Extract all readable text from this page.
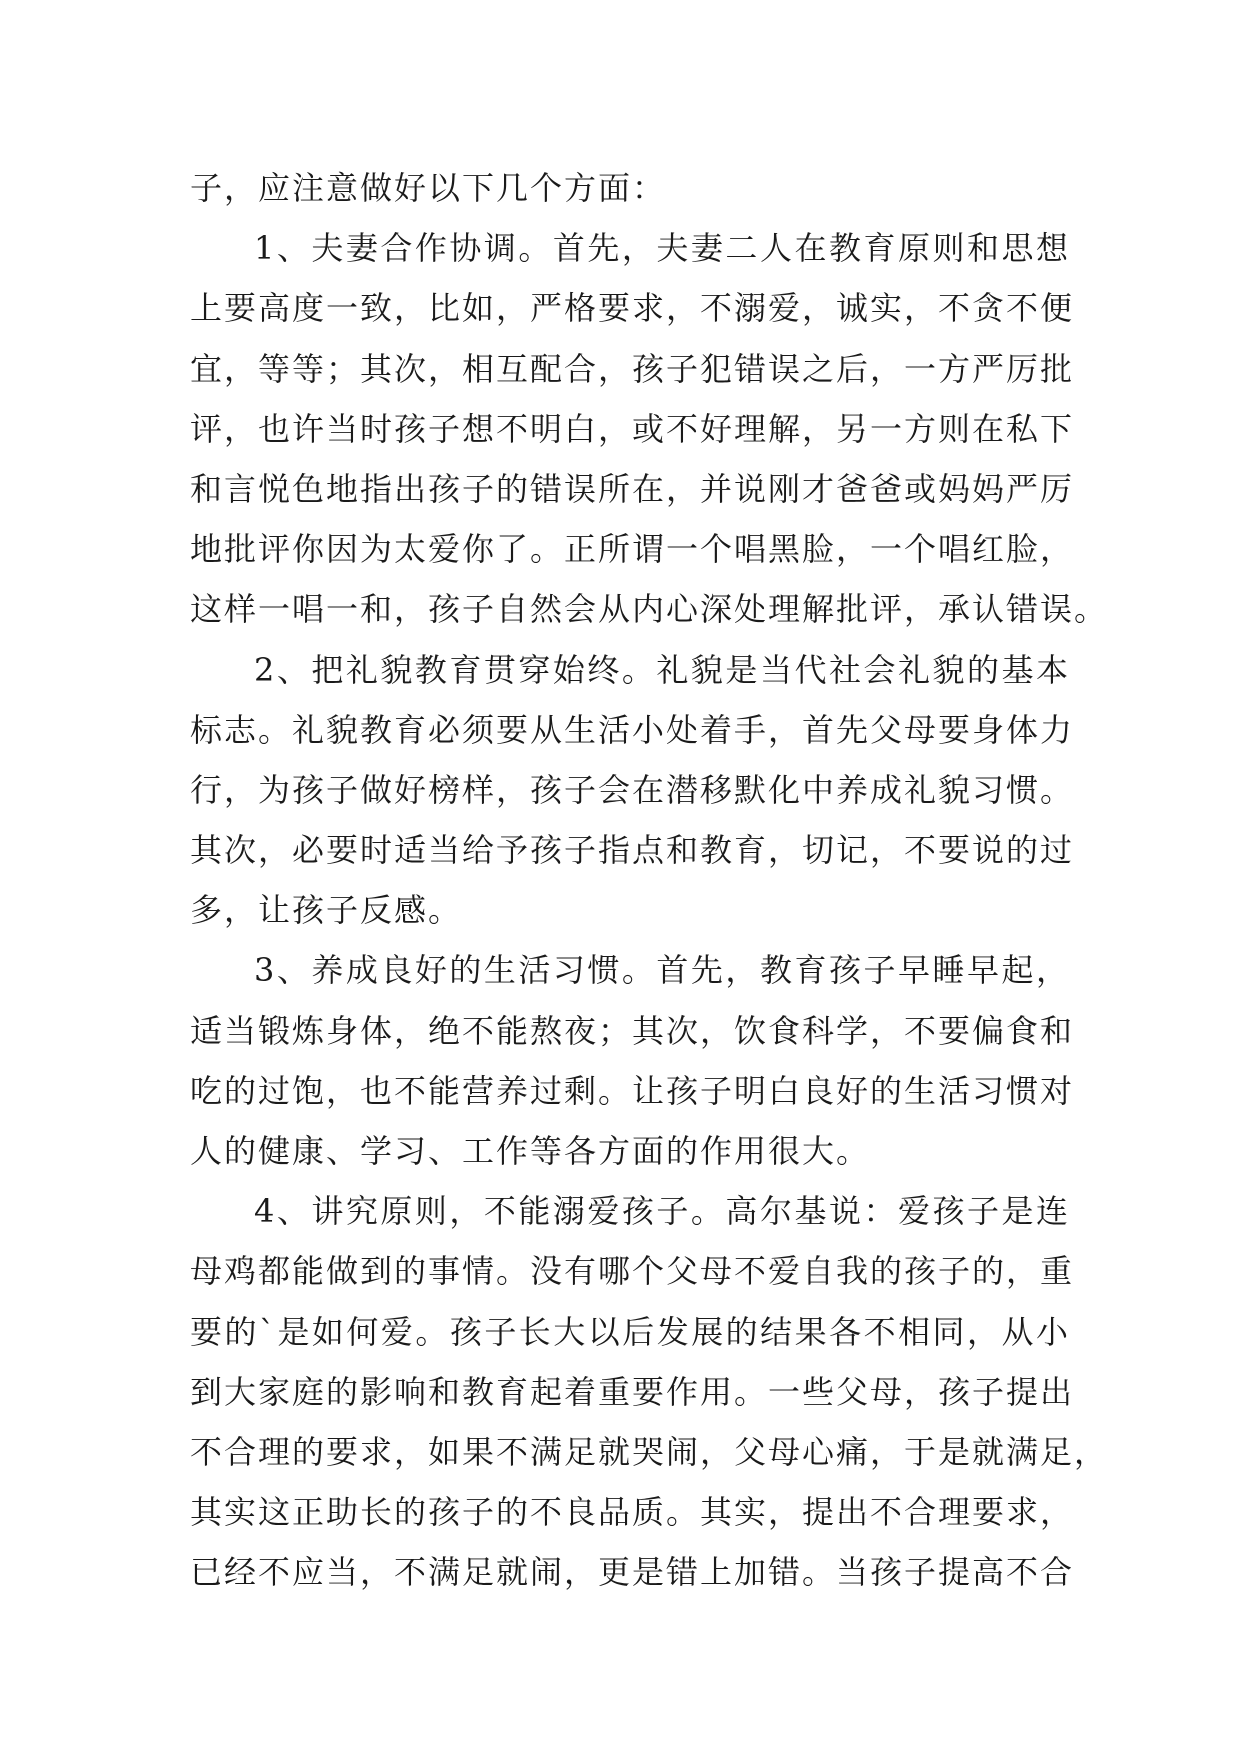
子，应注意做好以下几个方面：
1、夫妻合作协调。首先，夫妻二人在教育原则和思想
上要高度一致，比如，严格要求，不溺爱，诚实，不贪不便
宜，等等；其次，相互配合，孩子犯错误之后，一方严厉批
评，也许当时孩子想不明白，或不好理解，另一方则在私下
和言悦色地指出孩子的错误所在，并说刚才爸爸或妈妈严厉
地批评你因为太爱你了。正所谓一个唱黑脸，一个唱红脸，
这样一唱一和，孩子自然会从内心深处理解批评，承认错误。
2、把礼貌教育贯穿始终。礼貌是当代社会礼貌的基本
标志。礼貌教育必须要从生活小处着手，首先父母要身体力
行，为孩子做好榜样，孩子会在潜移默化中养成礼貌习惯。
其次，必要时适当给予孩子指点和教育，切记，不要说的过
多，让孩子反感。
3、养成良好的生活习惯。首先，教育孩子早睡早起，
适当锻炼身体，绝不能熬夜；其次，饮食科学，不要偏食和
吃的过饱，也不能营养过剩。让孩子明白良好的生活习惯对
人的健康、学习、工作等各方面的作用很大。
4、讲究原则，不能溺爱孩子。高尔基说：爱孩子是连
母鸡都能做到的事情。没有哪个父母不爱自我的孩子的，重
要的`是如何爱。孩子长大以后发展的结果各不相同，从小
到大家庭的影响和教育起着重要作用。一些父母，孩子提出
不合理的要求，如果不满足就哭闹，父母心痛，于是就满足，
其实这正助长的孩子的不良品质。其实，提出不合理要求，
已经不应当，不满足就闹，更是错上加错。当孩子提高不合
